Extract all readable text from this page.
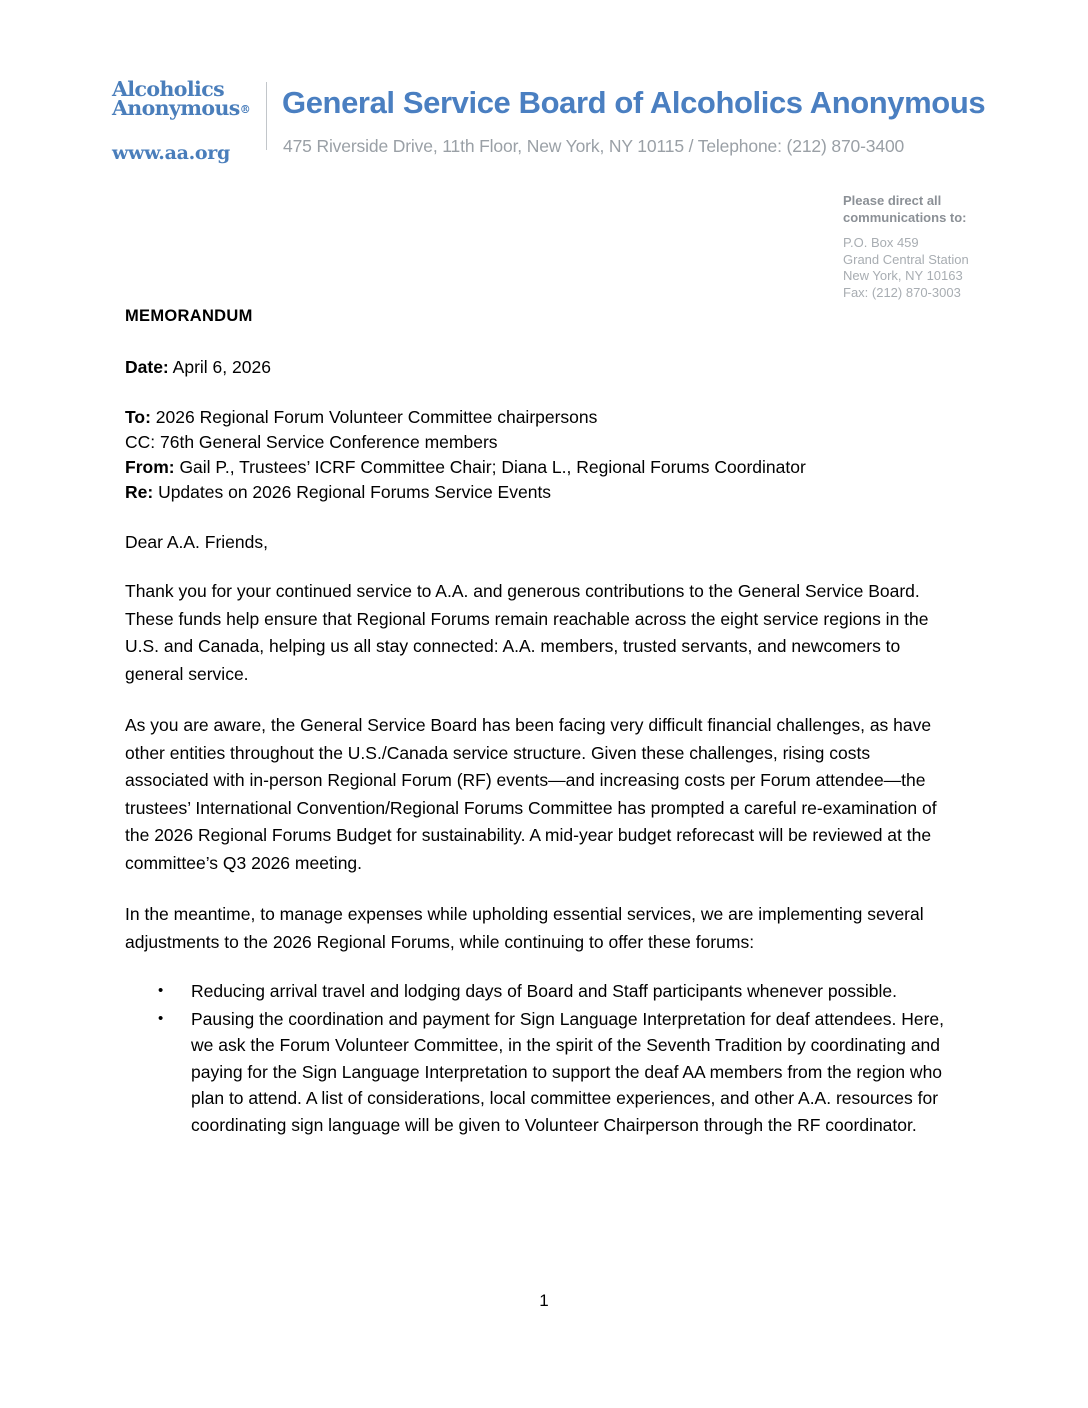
Alcoholics
Anonymous®
www.aa.org
General Service Board of Alcoholics Anonymous
475 Riverside Drive, 11th Floor, New York, NY 10115 / Telephone: (212) 870-3400
Please direct all
communications to:
P.O. Box 459
Grand Central Station
New York, NY 10163
Fax: (212) 870-3003
MEMORANDUM
Date: April 6, 2026
To: 2026 Regional Forum Volunteer Committee chairpersons
CC: 76th General Service Conference members
From: Gail P., Trustees’ ICRF Committee Chair; Diana L., Regional Forums Coordinator
Re: Updates on 2026 Regional Forums Service Events
Dear A.A. Friends,

Thank you for your continued service to A.A. and generous contributions to the General Service Board. These funds help ensure that Regional Forums remain reachable across the eight service regions in the U.S. and Canada, helping us all stay connected: A.A. members, trusted servants, and newcomers to general service.

As you are aware, the General Service Board has been facing very difficult financial challenges, as have other entities throughout the U.S./Canada service structure. Given these challenges, rising costs associated with in-person Regional Forum (RF) events—and increasing costs per Forum attendee—the trustees’ International Convention/Regional Forums Committee has prompted a careful re-examination of the 2026 Regional Forums Budget for sustainability. A mid-year budget reforecast will be reviewed at the committee’s Q3 2026 meeting.

In the meantime, to manage expenses while upholding essential services, we are implementing several adjustments to the 2026 Regional Forums, while continuing to offer these forums:

• Reducing arrival travel and lodging days of Board and Staff participants whenever possible.
• Pausing the coordination and payment for Sign Language Interpretation for deaf attendees. Here, we ask the Forum Volunteer Committee, in the spirit of the Seventh Tradition by coordinating and paying for the Sign Language Interpretation to support the deaf AA members from the region who plan to attend. A list of considerations, local committee experiences, and other A.A. resources for coordinating sign language will be given to Volunteer Chairperson through the RF coordinator.
1
